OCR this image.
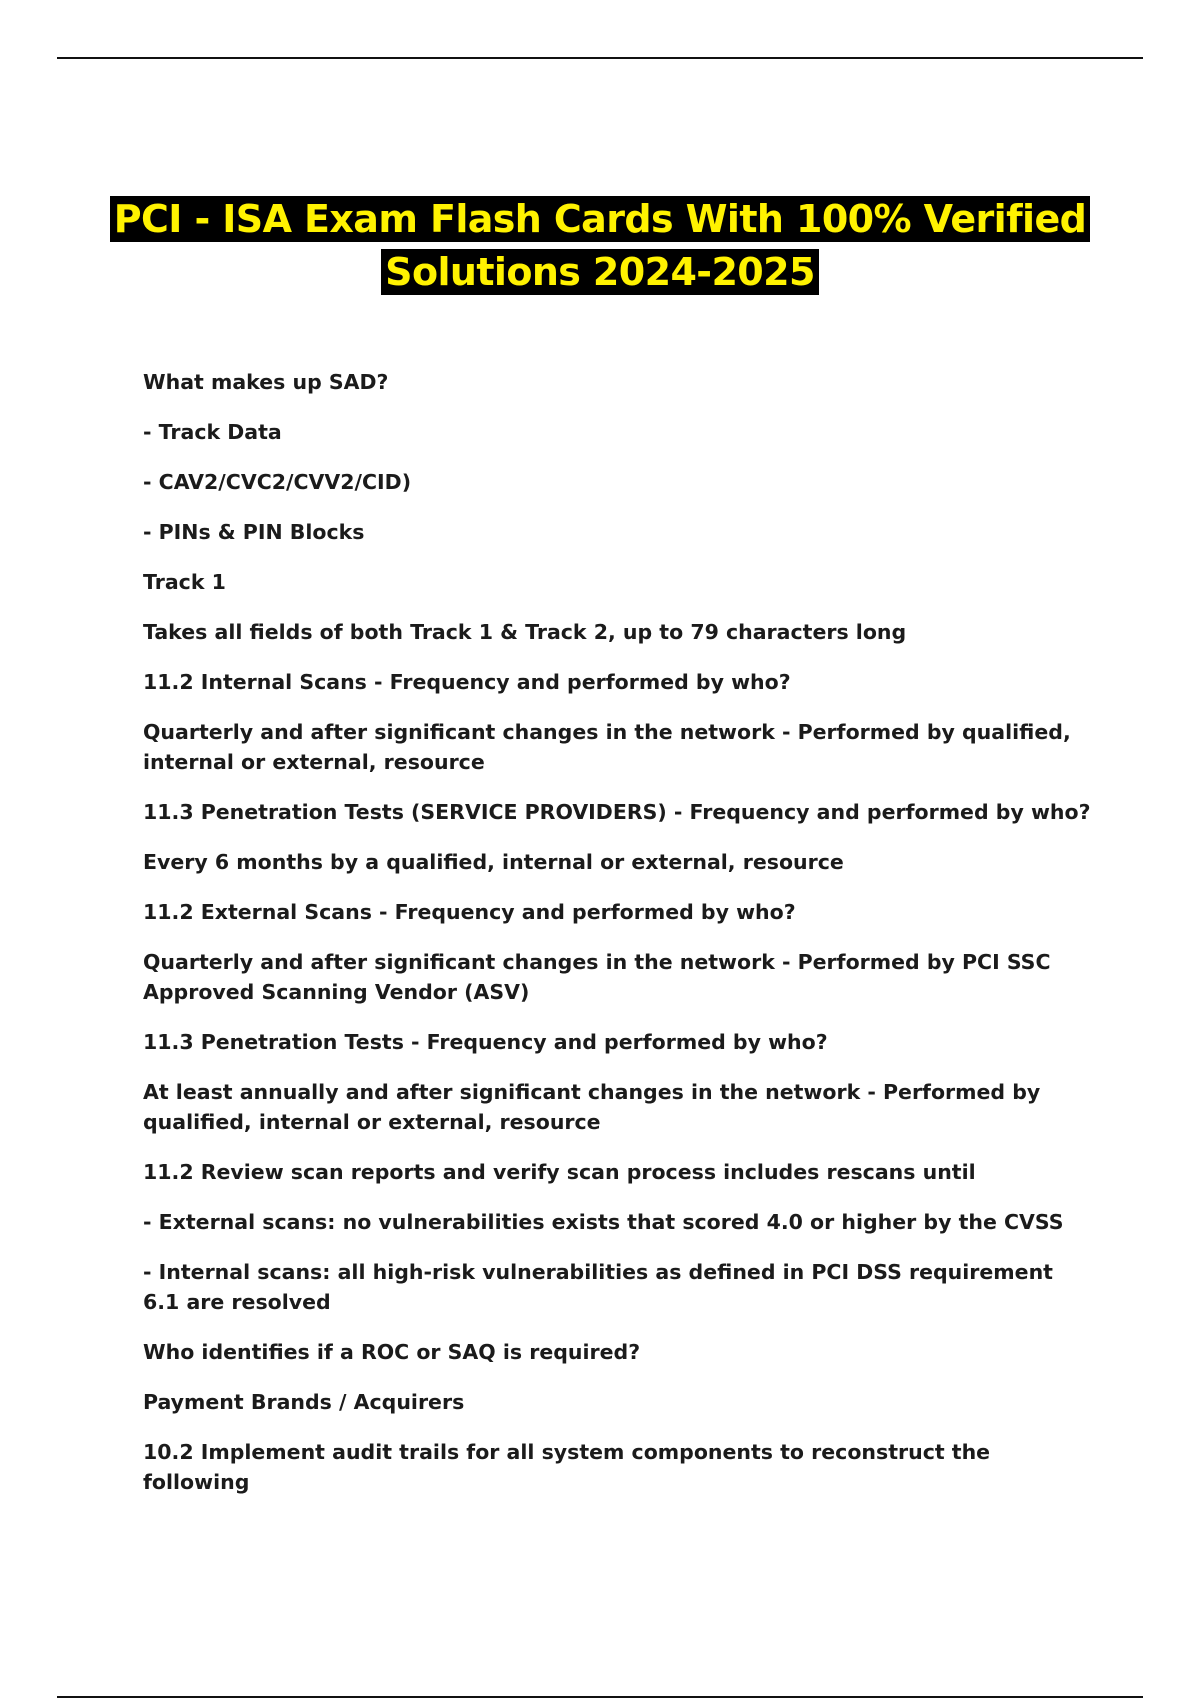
PCI - ISA Exam Flash Cards With 100% Verified
Solutions 2024-2025

What makes up SAD?

- Track Data

- CAV2/CVC2/CVV2/CID)

- PINs & PIN Blocks

Track 1

Takes all fields of both Track 1 & Track 2, up to 79 characters long

11.2 Internal Scans - Frequency and performed by who?

Quarterly and after significant changes in the network - Performed by qualified, internal or external, resource

11.3 Penetration Tests (SERVICE PROVIDERS) - Frequency and performed by who?

Every 6 months by a qualified, internal or external, resource

11.2 External Scans - Frequency and performed by who?

Quarterly and after significant changes in the network - Performed by PCI SSC Approved Scanning Vendor (ASV)

11.3 Penetration Tests - Frequency and performed by who?

At least annually and after significant changes in the network - Performed by qualified, internal or external, resource

11.2 Review scan reports and verify scan process includes rescans until

- External scans: no vulnerabilities exists that scored 4.0 or higher by the CVSS

- Internal scans: all high-risk vulnerabilities as defined in PCI DSS requirement 6.1 are resolved

Who identifies if a ROC or SAQ is required?

Payment Brands / Acquirers

10.2 Implement audit trails for all system components to reconstruct the following
